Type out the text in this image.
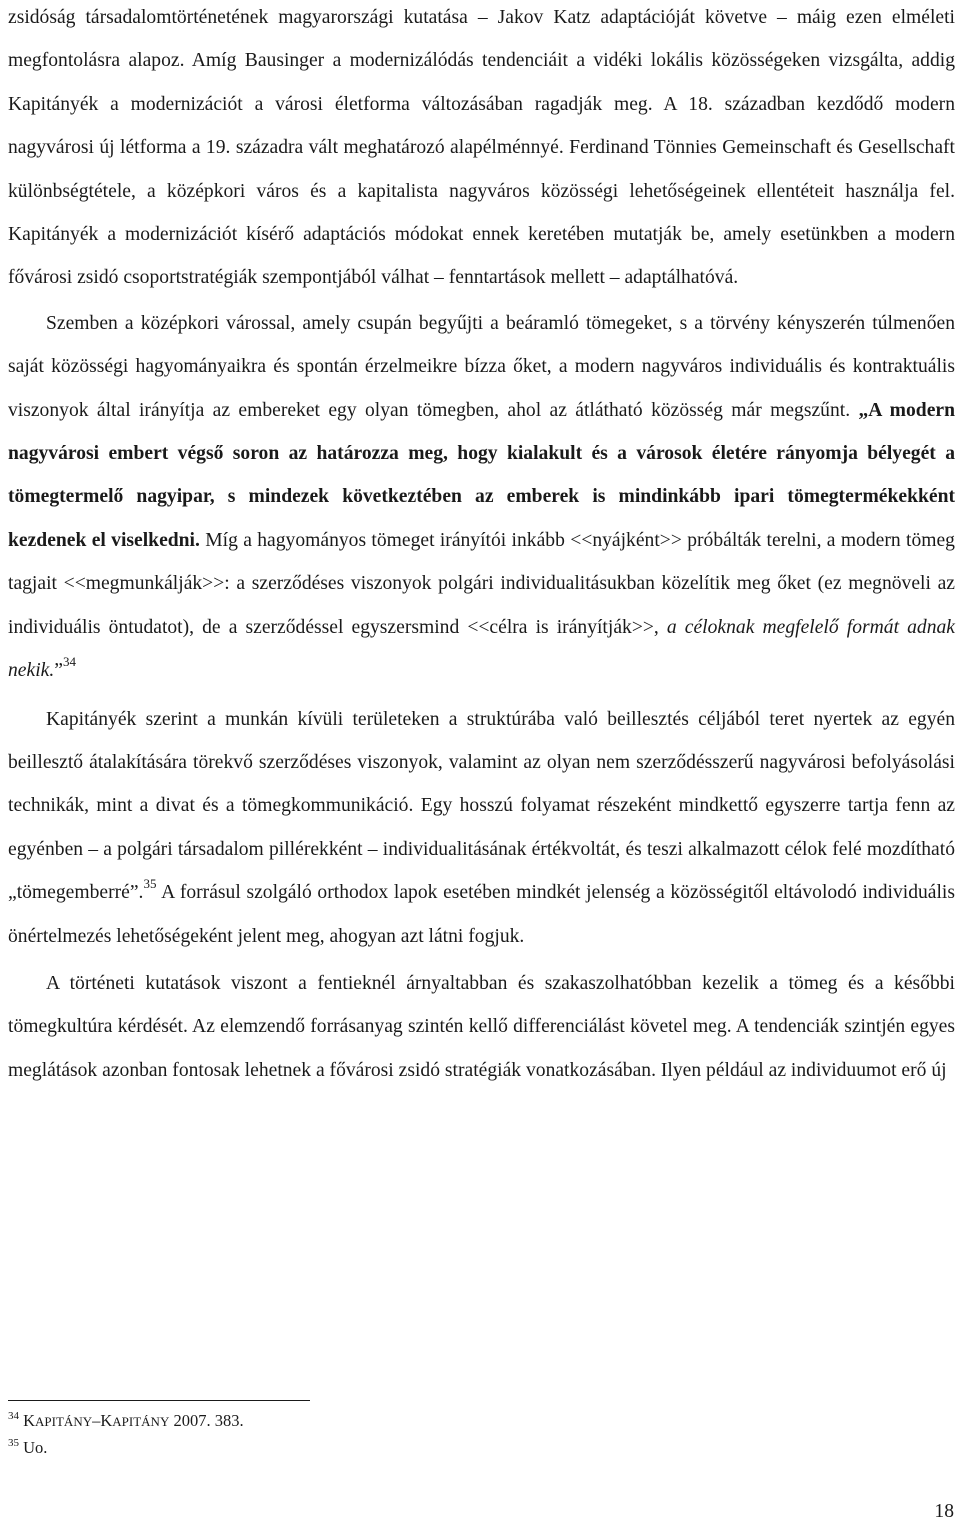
zsidóság társadalomtörténetének magyarországi kutatása – Jakov Katz adaptációját követve – máig ezen elméleti megfontolásra alapoz. Amíg Bausinger a modernizálódás tendenciáit a vidéki lokális közösségeken vizsgálta, addig Kapitányék a modernizációt a városi életforma változásában ragadják meg. A 18. században kezdődő modern nagyvárosi új létforma a 19. századra vált meghatározó alapélménnyé. Ferdinand Tönnies Gemeinschaft és Gesellschaft különbségtétele, a középkori város és a kapitalista nagyváros közösségi lehetőségeinek ellentéteit használja fel. Kapitányék a modernizációt kísérő adaptációs módokat ennek keretében mutatják be, amely esetünkben a modern fővárosi zsidó csoportstratégiák szempontjából válhat – fenntartások mellett – adaptálhatóvá.

Szemben a középkori várossal, amely csupán begyűjti a beáramló tömegeket, s a törvény kényszerén túlmenően saját közösségi hagyományaikra és spontán érzelmeikre bízza őket, a modern nagyváros individuális és kontraktuális viszonyok által irányítja az embereket egy olyan tömegben, ahol az átlátható közösség már megszűnt. „A modern nagyvárosi embert végső soron az határozza meg, hogy kialakult és a városok életére rányomja bélyegét a tömegtermelő nagyipar, s mindezek következtében az emberek is mindinkább ipari tömegtermékekként kezdenek el viselkedni. Míg a hagyományos tömeget irányítói inkább <<nyájként>> próbálták terelni, a modern tömeg tagjait <<megmunkálják>>: a szerződéses viszonyok polgári individualitásukban közelítik meg őket (ez megnöveli az individuális öntudatot), de a szerződéssel egyszersmind <<célra is irányítják>>, a céloknak megfelelő formát adnak nekik.”$^{34}$

Kapitányék szerint a munkán kívüli területeken a struktúrába való beillesztés céljából teret nyertek az egyén beillesztő átalakítására törekvő szerződéses viszonyok, valamint az olyan nem szerződésszerű nagyvárosi befolyásolási technikák, mint a divat és a tömegkommunikáció. Egy hosszú folyamat részeként mindkettő egyszerre tartja fenn az egyénben – a polgári társadalom pillérekként – individualitásának értékvoltát, és teszi alkalmazott célok felé mozdítható „tömegemberré”.$^{35}$ A forrásul szolgáló orthodox lapok esetében mindkét jelenség a közösségitől eltávolodó individuális önértelmezés lehetőségeként jelent meg, ahogyan azt látni fogjuk.

A történeti kutatások viszont a fentieknél árnyaltabban és szakaszolhatóbban kezelik a tömeg és a későbbi tömegkultúra kérdését. Az elemzendő forrásanyag szintén kellő differenciálást követel meg. A tendenciák szintjén egyes meglátások azonban fontosak lehetnek a fővárosi zsidó stratégiák vonatkozásában. Ilyen például az individuumot erő új

$^{34}$ KAPITÁNY–KAPITÁNY 2007. 383.

$^{35}$ Uo.

18
